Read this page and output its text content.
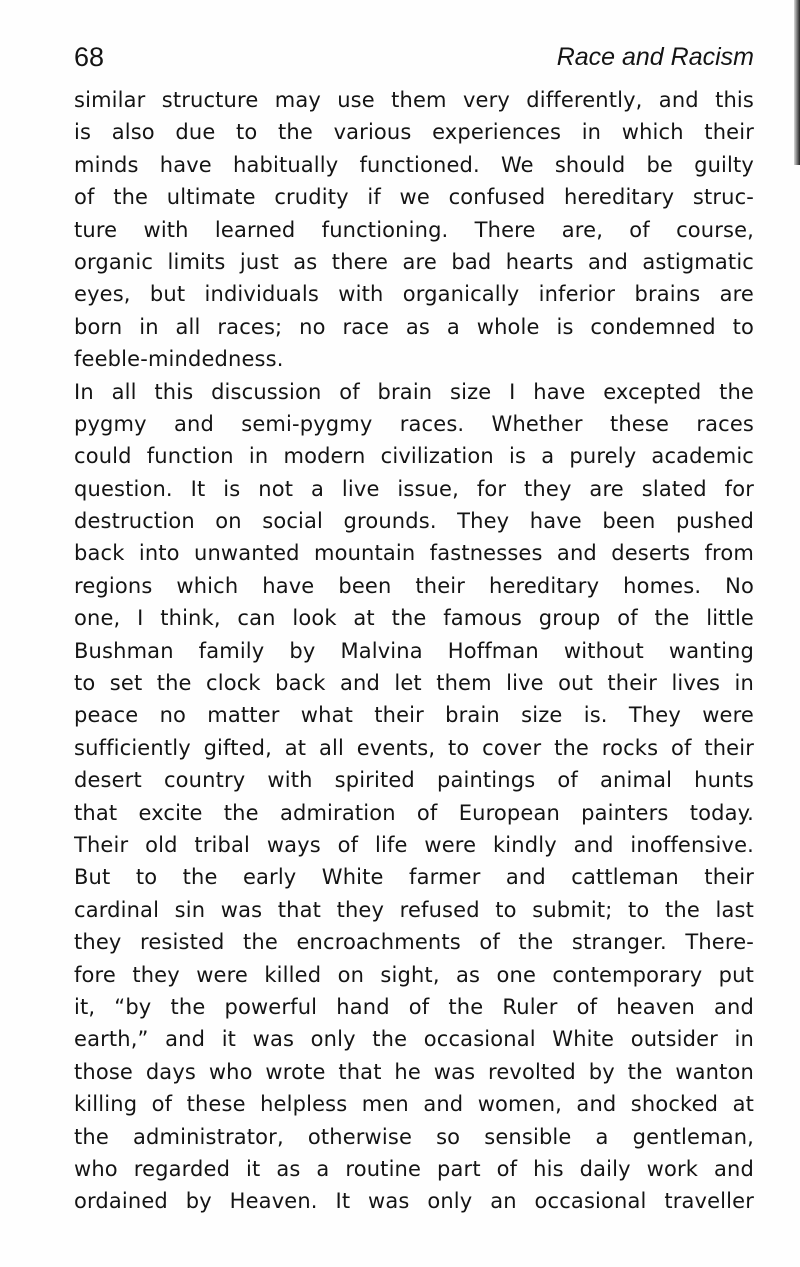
68	Race and Racism
similar structure may use them very differently, and this
is also due to the various experiences in which their
minds have habitually functioned. We should be guilty
of the ultimate crudity if we confused hereditary struc-
ture with learned functioning. There are, of course,
organic limits just as there are bad hearts and astigmatic
eyes, but individuals with organically inferior brains are
born in all races; no race as a whole is condemned to
feeble-mindedness.
In all this discussion of brain size I have excepted the
pygmy and semi-pygmy races. Whether these races
could function in modern civilization is a purely academic
question. It is not a live issue, for they are slated for
destruction on social grounds. They have been pushed
back into unwanted mountain fastnesses and deserts from
regions which have been their hereditary homes. No
one, I think, can look at the famous group of the little
Bushman family by Malvina Hoffman without wanting
to set the clock back and let them live out their lives in
peace no matter what their brain size is. They were
sufficiently gifted, at all events, to cover the rocks of their
desert country with spirited paintings of animal hunts
that excite the admiration of European painters today.
Their old tribal ways of life were kindly and inoffensive.
But to the early White farmer and cattleman their
cardinal sin was that they refused to submit; to the last
they resisted the encroachments of the stranger. There-
fore they were killed on sight, as one contemporary put
it, “by the powerful hand of the Ruler of heaven and
earth,” and it was only the occasional White outsider in
those days who wrote that he was revolted by the wanton
killing of these helpless men and women, and shocked at
the administrator, otherwise so sensible a gentleman,
who regarded it as a routine part of his daily work and
ordained by Heaven. It was only an occasional traveller
